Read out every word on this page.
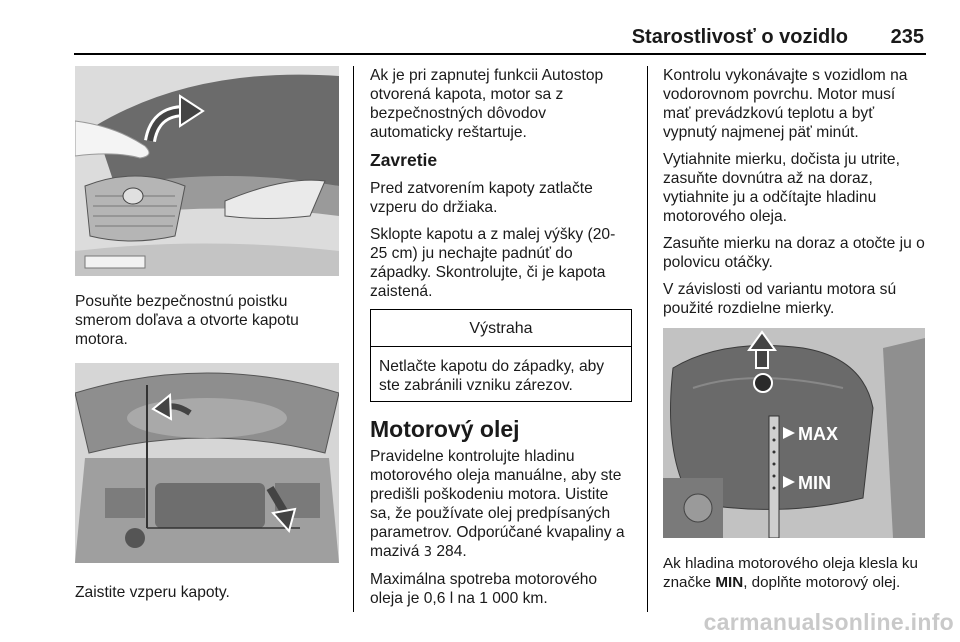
Starostlivosť o vozidlo 235

Posuňte bezpečnostnú poistku smerom doľava a otvorte kapotu motora.

Zaistite vzperu kapoty.

Ak je pri zapnutej funkcii Autostop otvorená kapota, motor sa z bezpečnostných dôvodov automaticky reštartuje.

Zavretie

Pred zatvorením kapoty zatlačte vzperu do držiaka.

Sklopte kapotu a z malej výšky (20-25 cm) ju nechajte padnúť do západky. Skontrolujte, či je kapota zaistená.

Výstraha
Netlačte kapotu do západky, aby ste zabránili vzniku zárezov.
Motorový olej

Pravidelne kontrolujte hladinu motorového oleja manuálne, aby ste predišli poškodeniu motora. Uistite sa, že používate olej predpísaných parametrov. Odporúčané kvapaliny a mazivá 3 284.

Maximálna spotreba motorového oleja je 0,6 l na 1 000 km.

Kontrolu vykonávajte s vozidlom na vodorovnom povrchu. Motor musí mať prevádzkovú teplotu a byť vypnutý najmenej päť minút.

Vytiahnite mierku, dočista ju utrite, zasuňte dovnútra až na doraz, vytiahnite ju a odčítajte hladinu motorového oleja.

Zasuňte mierku na doraz a otočte ju o polovicu otáčky.

V závislosti od variantu motora sú použité rozdielne mierky.

MAX
MIN

Ak hladina motorového oleja klesla ku značke MIN, doplňte motorový olej.

carmanualsonline.info
